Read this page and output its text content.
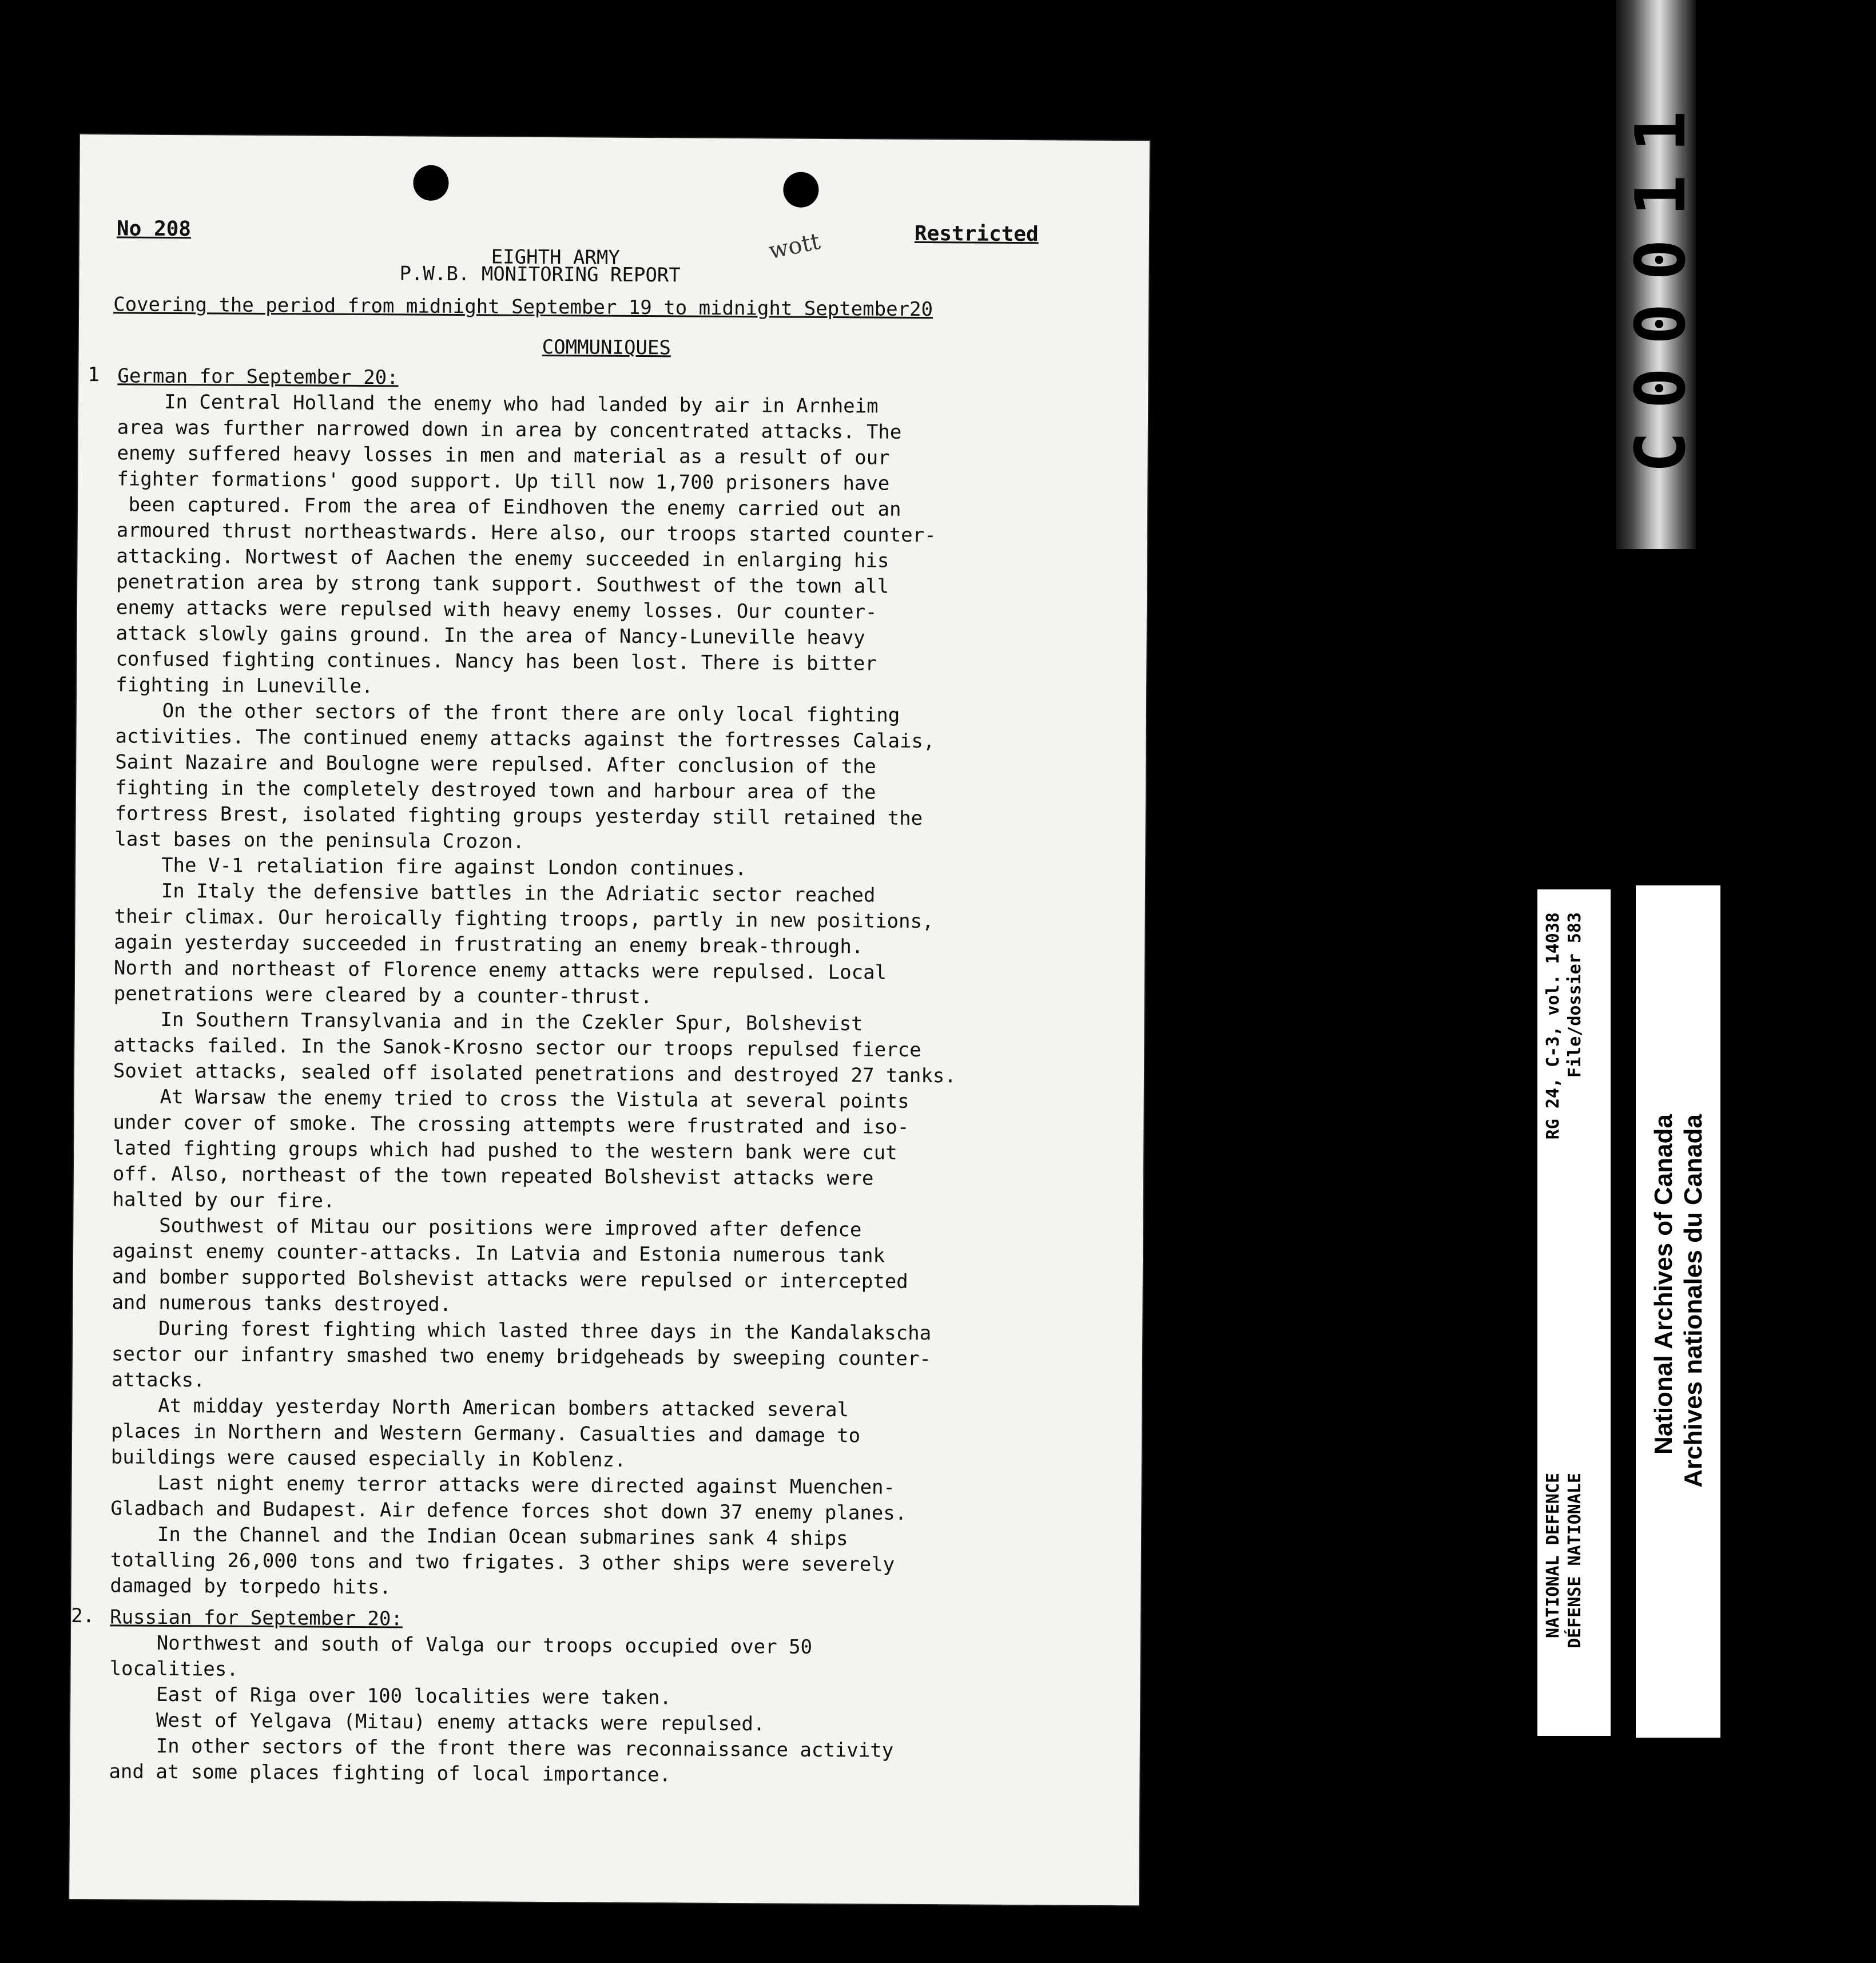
No 208	Restricted
wott
EIGHTH ARMY
P.W.B. MONITORING REPORT
Covering the period from midnight September 19 to midnight September20
COMMUNIQUES
1 German for September 20:
In Central Holland the enemy who had landed by air in Arnheim
area was further narrowed down in area by concentrated attacks. The
enemy suffered heavy losses in men and material as a result of our
fighter formations' good support. Up till now 1,700 prisoners have
been captured. From the area of Eindhoven the enemy carried out an
armoured thrust northeastwards. Here also, our troops started counter-
attacking. Nortwest of Aachen the enemy succeeded in enlarging his
penetration area by strong tank support. Southwest of the town all
enemy attacks were repulsed with heavy enemy losses. Our counter-
attack slowly gains ground. In the area of Nancy-Luneville heavy
confused fighting continues. Nancy has been lost. There is bitter
fighting in Luneville.
On the other sectors of the front there are only local fighting
activities. The continued enemy attacks against the fortresses Calais,
Saint Nazaire and Boulogne were repulsed. After conclusion of the
fighting in the completely destroyed town and harbour area of the
fortress Brest, isolated fighting groups yesterday still retained the
last bases on the peninsula Crozon.
The V-1 retaliation fire against London continues.
In Italy the defensive battles in the Adriatic sector reached
their climax. Our heroically fighting troops, partly in new positions,
again yesterday succeeded in frustrating an enemy break-through.
North and northeast of Florence enemy attacks were repulsed. Local
penetrations were cleared by a counter-thrust.
In Southern Transylvania and in the Czekler Spur, Bolshevist
attacks failed. In the Sanok-Krosno sector our troops repulsed fierce
Soviet attacks, sealed off isolated penetrations and destroyed 27 tanks.
At Warsaw the enemy tried to cross the Vistula at several points
under cover of smoke. The crossing attempts were frustrated and iso-
lated fighting groups which had pushed to the western bank were cut
off. Also, northeast of the town repeated Bolshevist attacks were
halted by our fire.
Southwest of Mitau our positions were improved after defence
against enemy counter-attacks. In Latvia and Estonia numerous tank
and bomber supported Bolshevist attacks were repulsed or intercepted
and numerous tanks destroyed.
During forest fighting which lasted three days in the Kandalakscha
sector our infantry smashed two enemy bridgeheads by sweeping counter-
attacks.
At midday yesterday North American bombers attacked several
places in Northern and Western Germany. Casualties and damage to
buildings were caused especially in Koblenz.
Last night enemy terror attacks were directed against Muenchen-
Gladbach and Budapest. Air defence forces shot down 37 enemy planes.
In the Channel and the Indian Ocean submarines sank 4 ships
totalling 26,000 tons and two frigates. 3 other ships were severely
damaged by torpedo hits.
2. Russian for September 20:
Northwest and south of Valga our troops occupied over 50
localities.
East of Riga over 100 localities were taken.
West of Yelgava (Mitau) enemy attacks were repulsed.
In other sectors of the front there was reconnaissance activity
and at some places fighting of local importance.
C00011
RG 24, C-3, vol. 14038 File/dossier 583
NATIONAL DEFENCE DÉFENSE NATIONALE
National Archives of Canada Archives nationales du Canada
